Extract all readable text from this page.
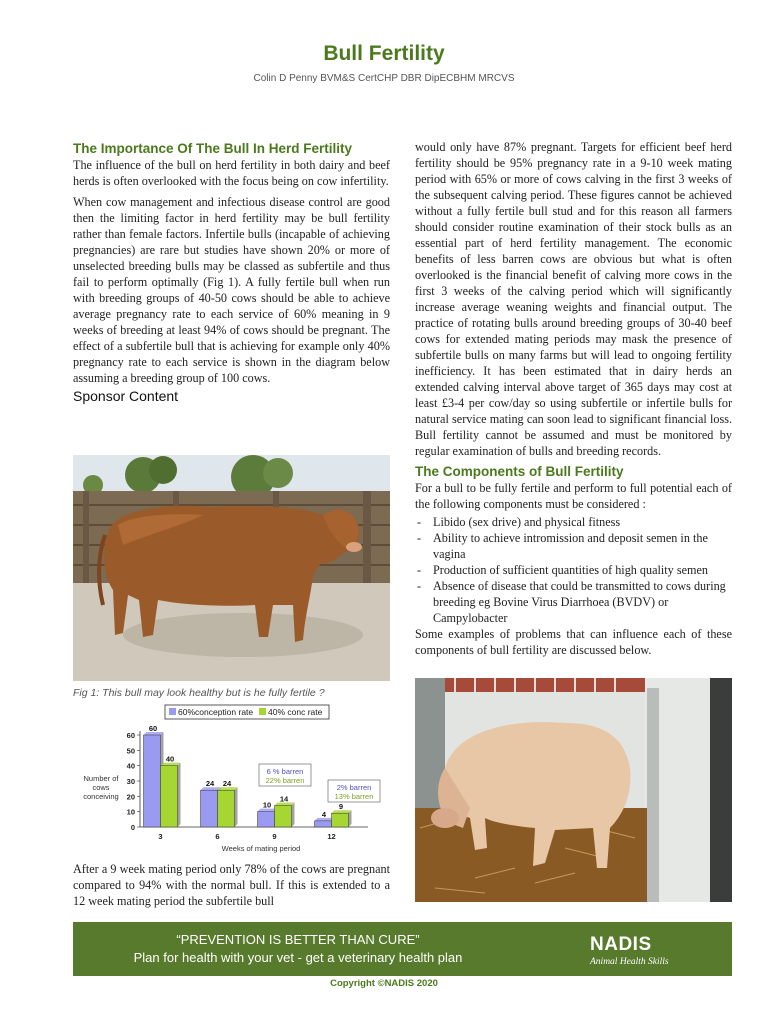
Bull Fertility
Colin D Penny BVM&S CertCHP DBR DipECBHM MRCVS
The Importance Of The Bull In Herd Fertility

The influence of the bull on herd fertility in both dairy and beef herds is often overlooked with the focus being on cow infertility.

When cow management and infectious disease control are good then the limiting factor in herd fertility may be bull fertility rather than female factors. Infertile bulls (incapable of achieving pregnancies) are rare but studies have shown 20% or more of unselected breeding bulls may be classed as subfertile and thus fail to perform optimally (Fig 1). A fully fertile bull when run with breeding groups of 40-50 cows should be able to achieve average pregnancy rate to each service of 60% meaning in 9 weeks of breeding at least 94% of cows should be pregnant. The effect of a subfertile bull that is achieving for example only 40% pregnancy rate to each service is shown in the diagram below assuming a breeding group of 100 cows.

Sponsor Content
Fig 1: This bull may look healthy but is he fully fertile ?
60%conception rate 40% conc rate
Number of
cows
conceiving
Weeks of mating period
0
10
20
30
40
50
60
3
60
40
6
24 24
9
10
14
12
4
9
6 % barren
22% barren
2% barren
13% barren

After a 9 week mating period only 78% of the cows are pregnant compared to 94% with the normal bull. If this is extended to a 12 week mating period the subfertile bull

would only have 87% pregnant. Targets for efficient beef herd fertility should be 95% pregnancy rate in a 9-10 week mating period with 65% or more of cows calving in the first 3 weeks of the subsequent calving period. These figures cannot be achieved without a fully fertile bull stud and for this reason all farmers should consider routine examination of their stock bulls as an essential part of herd fertility management. The economic benefits of less barren cows are obvious but what is often overlooked is the financial benefit of calving more cows in the first 3 weeks of the calving period which will significantly increase average weaning weights and financial output. The practice of rotating bulls around breeding groups of 30-40 beef cows for extended mating periods may mask the presence of subfertile bulls on many farms but will lead to ongoing fertility inefficiency. It has been estimated that in dairy herds an extended calving interval above target of 365 days may cost at least £3-4 per cow/day so using subfertile or infertile bulls for natural service mating can soon lead to significant financial loss. Bull fertility cannot be assumed and must be monitored by regular examination of bulls and breeding records.

The Components of Bull Fertility

For a bull to be fully fertile and perform to full potential each of the following components must be considered :

- Libido (sex drive) and physical fitness
- Ability to achieve intromission and deposit semen in the vagina
- Production of sufficient quantities of high quality semen
- Absence of disease that could be transmitted to cows during breeding eg Bovine Virus Diarrhoea (BVDV) or Campylobacter

Some examples of problems that can influence each of these components of bull fertility are discussed below.

“PREVENTION IS BETTER THAN CURE”
Plan for health with your vet - get a veterinary health plan
NADIS
Animal Health Skills
Copyright ©NADIS 2020
